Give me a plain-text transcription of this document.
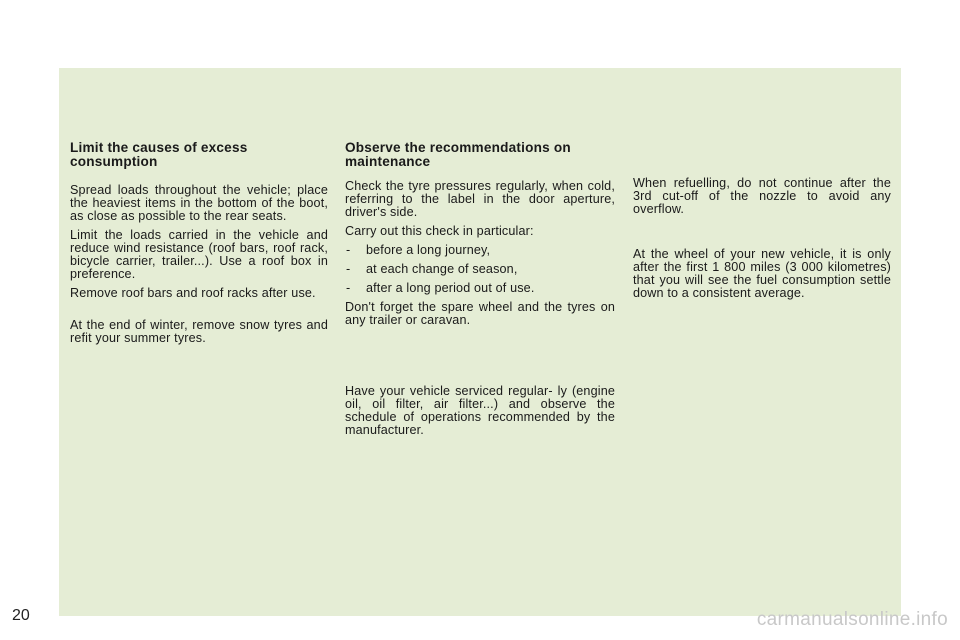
Limit the causes of excess consumption

Spread loads throughout the vehicle; place the heaviest items in the bottom of the boot, as close as possible to the rear seats.

Limit the loads carried in the vehicle and reduce wind resistance (roof bars, roof rack, bicycle carrier, trailer...). Use a roof box in preference.

Remove roof bars and roof racks after use.

At the end of winter, remove snow tyres and refit your summer tyres.

Observe the recommendations on maintenance

Check the tyre pressures regularly, when cold, referring to the label in the door aperture, driver's side.

Carry out this check in particular:

-	before a long journey,
-	at each change of season,
-	after a long period out of use.

Don't forget the spare wheel and the tyres on any trailer or caravan.

Have your vehicle serviced regular- ly (engine oil, oil filter, air filter...) and observe the schedule of operations recommended by the manufacturer.

When refuelling, do not continue after the 3rd cut-off of the nozzle to avoid any overflow.

At the wheel of your new vehicle, it is only after the first 1 800 miles (3 000 kilometres) that you will see the fuel consumption settle down to a consistent average.

20	carmanualsonline.info
